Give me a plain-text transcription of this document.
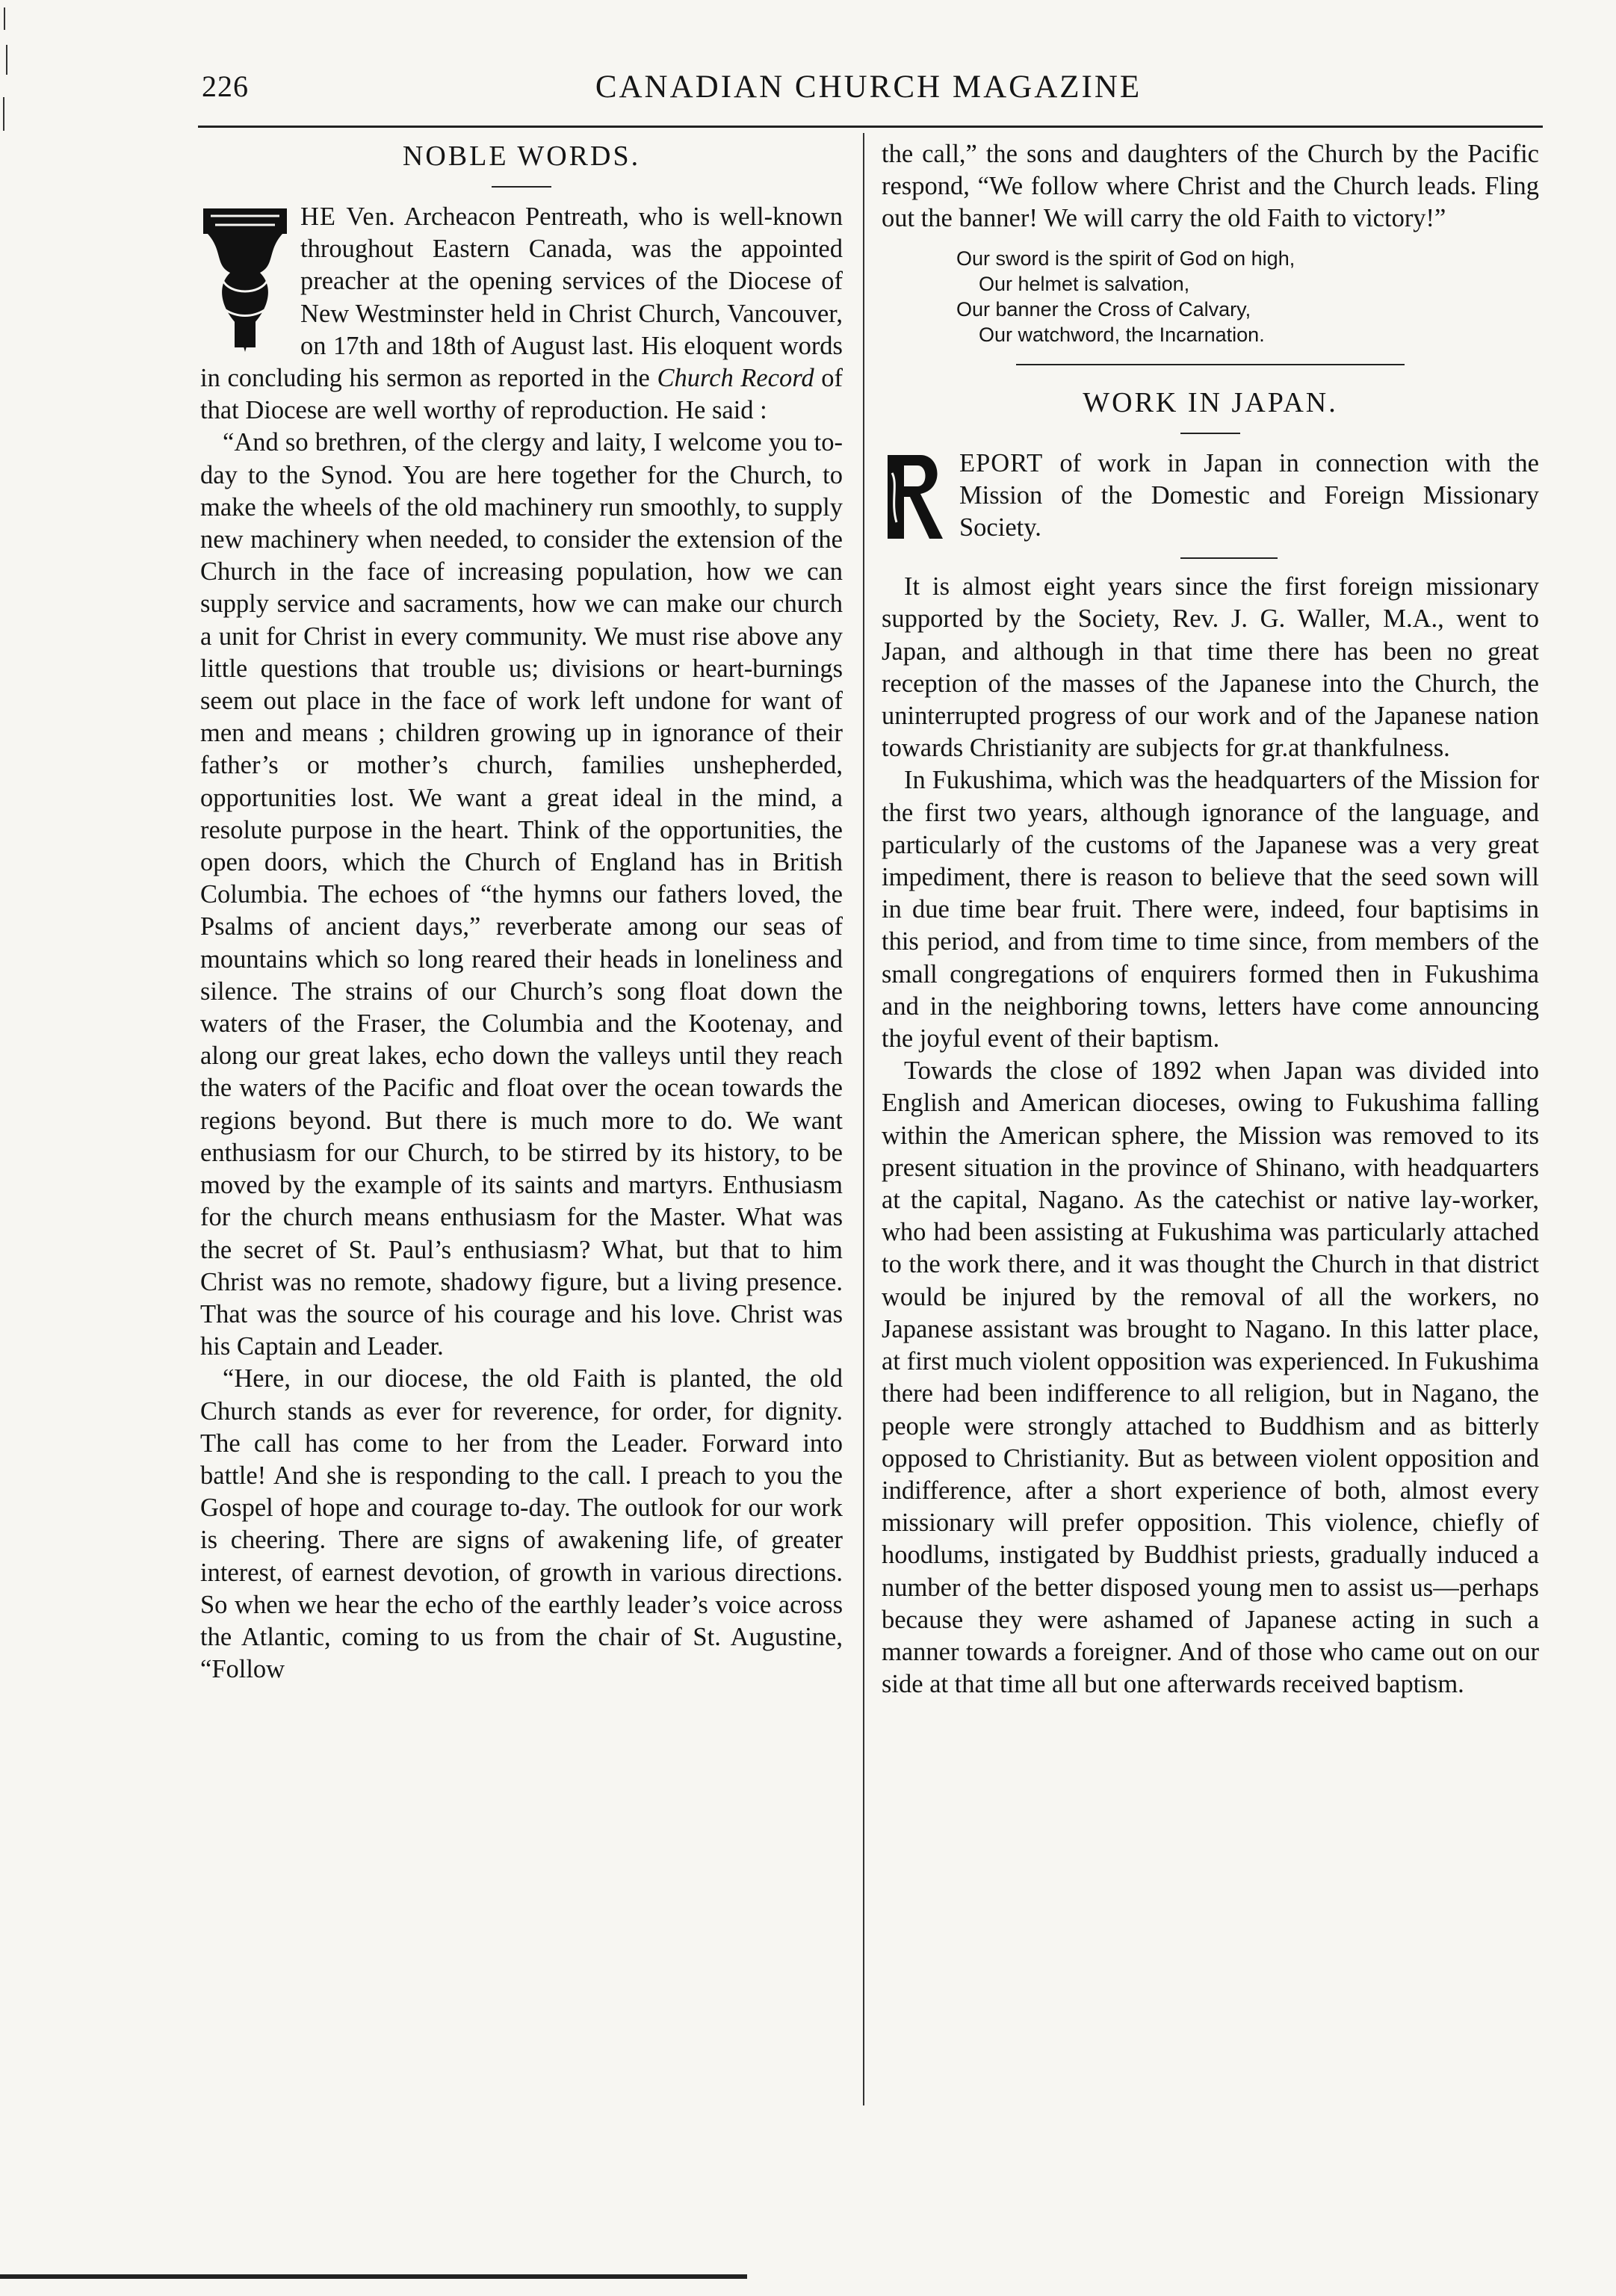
226	CANADIAN CHURCH MAGAZINE
NOBLE WORDS.

HE Ven. Archeacon Pentreath, who is well-known throughout Eastern Canada, was the appointed preacher at the opening services of the Diocese of New Westminster held in Christ Church, Vancouver, on 17th and 18th of August last. His eloquent words in concluding his sermon as reported in the Church Record of that Diocese are well worthy of reproduction. He said :

“And so brethren, of the clergy and laity, I welcome you to-day to the Synod. You are here together for the Church, to make the wheels of the old machinery run smoothly, to supply new machinery when needed, to consider the extension of the Church in the face of increasing population, how we can supply service and sacraments, how we can make our church a unit for Christ in every community. We must rise above any little questions that trouble us; divisions or heart-burnings seem out place in the face of work left undone for want of men and means ; children growing up in ignorance of their father’s or mother’s church, families unshepherded, opportunities lost. We want a great ideal in the mind, a resolute purpose in the heart. Think of the opportunities, the open doors, which the Church of England has in British Columbia. The echoes of “the hymns our fathers loved, the Psalms of ancient days,” reverberate among our seas of mountains which so long reared their heads in loneliness and silence. The strains of our Church’s song float down the waters of the Fraser, the Columbia and the Kootenay, and along our great lakes, echo down the valleys until they reach the waters of the Pacific and float over the ocean towards the regions beyond. But there is much more to do. We want enthusiasm for our Church, to be stirred by its history, to be moved by the example of its saints and martyrs. Enthusiasm for the church means enthusiasm for the Master. What was the secret of St. Paul’s enthusiasm? What, but that to him Christ was no remote, shadowy figure, but a living presence. That was the source of his courage and his love. Christ was his Captain and Leader.

“Here, in our diocese, the old Faith is planted, the old Church stands as ever for reverence, for order, for dignity. The call has come to her from the Leader. Forward into battle! And she is responding to the call. I preach to you the Gospel of hope and courage to-day. The outlook for our work is cheering. There are signs of awakening life, of greater interest, of earnest devotion, of growth in various directions. So when we hear the echo of the earthly leader’s voice across the Atlantic, coming to us from the chair of St. Augustine, “Follow

the call,” the sons and daughters of the Church by the Pacific respond, “We follow where Christ and the Church leads. Fling out the banner! We will carry the old Faith to victory!”

Our sword is the spirit of God on high,
Our helmet is salvation,
Our banner the Cross of Calvary,
Our watchword, the Incarnation.
WORK IN JAPAN.

EPORT of work in Japan in connection with the Mission of the Domestic and Foreign Missionary Society.

It is almost eight years since the first foreign missionary supported by the Society, Rev. J. G. Waller, M.A., went to Japan, and although in that time there has been no great reception of the masses of the Japanese into the Church, the uninterrupted progress of our work and of the Japanese nation towards Christianity are subjects for gr.at thankfulness.

In Fukushima, which was the headquarters of the Mission for the first two years, although ignorance of the language, and particularly of the customs of the Japanese was a very great impediment, there is reason to believe that the seed sown will in due time bear fruit. There were, indeed, four baptisims in this period, and from time to time since, from members of the small congregations of enquirers formed then in Fukushima and in the neighboring towns, letters have come announcing the joyful event of their baptism.

Towards the close of 1892 when Japan was divided into English and American dioceses, owing to Fukushima falling within the American sphere, the Mission was removed to its present situation in the province of Shinano, with headquarters at the capital, Nagano. As the catechist or native lay-worker, who had been assisting at Fukushima was particularly attached to the work there, and it was thought the Church in that district would be injured by the removal of all the workers, no Japanese assistant was brought to Nagano. In this latter place, at first much violent opposition was experienced. In Fukushima there had been indifference to all religion, but in Nagano, the people were strongly attached to Buddhism and as bitterly opposed to Christianity. But as between violent opposition and indifference, after a short experience of both, almost every missionary will prefer opposition. This violence, chiefly of hoodlums, instigated by Buddhist priests, gradually induced a number of the better disposed young men to assist us—perhaps because they were ashamed of Japanese acting in such a manner towards a foreigner. And of those who came out on our side at that time all but one afterwards received baptism.
